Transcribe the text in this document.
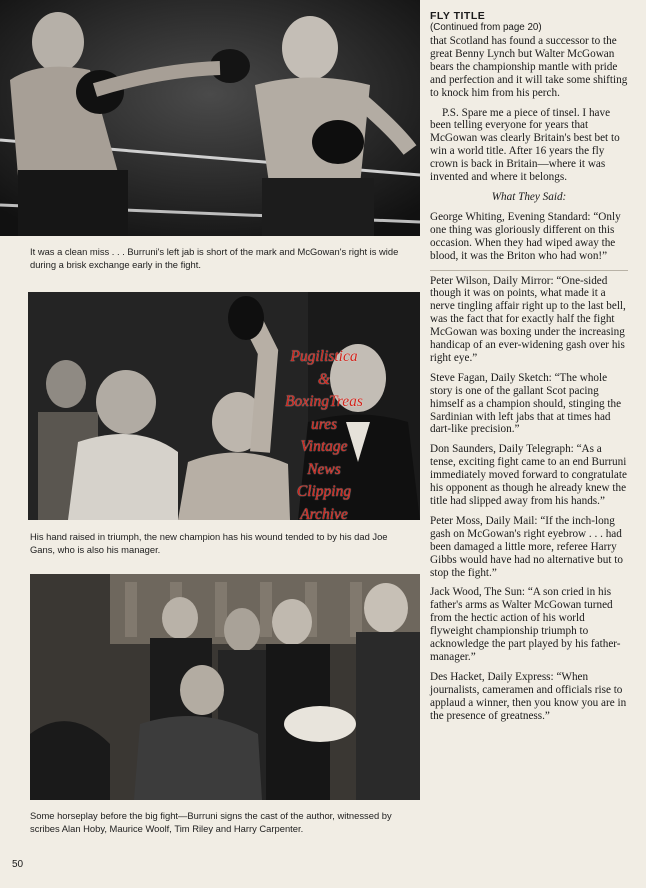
It was a clean miss . . . Burruni's left jab is short of the mark and McGowan's right is wide during a brisk exchange early in the fight.
His hand raised in triumph, the new champion has his wound tended to by his dad Joe Gans, who is also his manager.
Some horseplay before the big fight—Burruni signs the cast of the author, witnessed by scribes Alan Hoby, Maurice Woolf, Tim Riley and Harry Carpenter.
Pugilistica
&
BoxingTreas
ures
Vintage
News
Clipping
Archive
FLY TITLE
(Continued from page 20)

that Scotland has found a successor to the great Benny Lynch but Walter McGowan bears the championship mantle with pride and perfection and it will take some shifting to knock him from his perch.

P.S. Spare me a piece of tinsel. I have been telling everyone for years that McGowan was clearly Britain's best bet to win a world title. After 16 years the fly crown is back in Britain—where it was invented and where it belongs.

What They Said:

George Whiting, Evening Standard: “Only one thing was gloriously different on this occasion. When they had wiped away the blood, it was the Briton who had won!”

Peter Wilson, Daily Mirror: “One-sided though it was on points, what made it a nerve tingling affair right up to the last bell, was the fact that for exactly half the fight McGowan was boxing under the increasing handicap of an ever-widening gash over his right eye.”

Steve Fagan, Daily Sketch: “The whole story is one of the gallant Scot pacing himself as a champion should, stinging the Sardinian with left jabs that at times had dart-like precision.”

Don Saunders, Daily Telegraph: “As a tense, exciting fight came to an end Burruni immediately moved forward to congratulate his opponent as though he already knew the title had slipped away from his hands.”

Peter Moss, Daily Mail: “If the inch-long gash on McGowan's right eyebrow . . . had been damaged a little more, referee Harry Gibbs would have had no alternative but to stop the fight.”

Jack Wood, The Sun: “A son cried in his father's arms as Walter McGowan turned from the hectic action of his world flyweight championship triumph to acknowledge the part played by his father-manager.”

Des Hacket, Daily Express: “When journalists, cameramen and officials rise to applaud a winner, then you know you are in the presence of greatness.”

50
